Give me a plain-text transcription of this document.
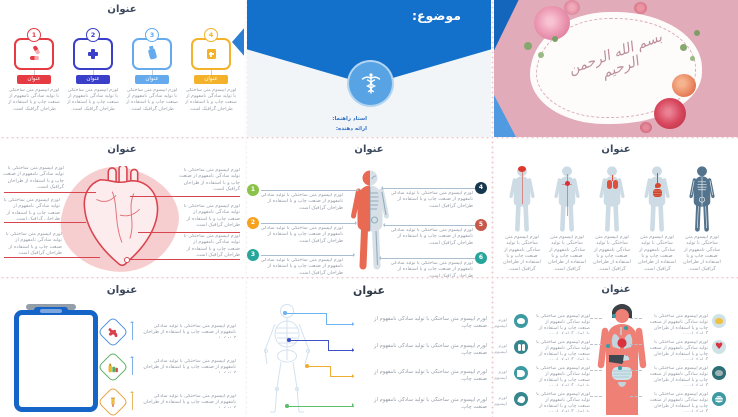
عنوان
1
عنوان
لورم ایپسوم متن ساختگی با تولید سادگی نامفهوم از صنعت چاپ و با استفاده از طراحان گرافیک است.
2
عنوان
لورم ایپسوم متن ساختگی با تولید سادگی نامفهوم از صنعت چاپ و با استفاده از طراحان گرافیک است.
3
عنوان
لورم ایپسوم متن ساختگی با تولید سادگی نامفهوم از صنعت چاپ و با استفاده از طراحان گرافیک است.
4
عنوان
لورم ایپسوم متن ساختگی با تولید سادگی نامفهوم از صنعت چاپ و با استفاده از طراحان گرافیک است.
موضوع:
استاد راهنما:
ارائه دهنده:
بسم الله الرحمن الرحیم
عنوان
لورم ایپسوم متن ساختگی با تولید سادگی نامفهوم از صنعت چاپ و با استفاده از طراحان گرافیک است.
لورم ایپسوم متن ساختگی با تولید سادگی نامفهوم از صنعت چاپ و با استفاده از طراحان گرافیک است.
لورم ایپسوم متن ساختگی با تولید سادگی نامفهوم از صنعت چاپ و با استفاده از طراحان گرافیک است.
لورم ایپسوم متن ساختگی با تولید سادگی نامفهوم از صنعت چاپ و با استفاده از طراحان گرافیک است.
لورم ایپسوم متن ساختگی با تولید سادگی نامفهوم از صنعت چاپ و با استفاده از طراحان گرافیک است.
لورم ایپسوم متن ساختگی با تولید سادگی نامفهوم از صنعت چاپ و با استفاده از طراحان گرافیک است.
عنوان
1
2
3
4
5
6
لورم ایپسوم متن ساختگی با تولید سادگی نامفهوم از صنعت چاپ و با استفاده از طراحان گرافیک است.
لورم ایپسوم متن ساختگی با تولید سادگی نامفهوم از صنعت چاپ و با استفاده از طراحان گرافیک است.
لورم ایپسوم متن ساختگی با تولید سادگی نامفهوم از صنعت چاپ و با استفاده از طراحان گرافیک است.
لورم ایپسوم متن ساختگی با تولید سادگی نامفهوم از صنعت چاپ و با استفاده از طراحان گرافیک است.
لورم ایپسوم متن ساختگی با تولید سادگی نامفهوم از صنعت چاپ و با استفاده از طراحان گرافیک است.
لورم ایپسوم متن ساختگی با تولید سادگی نامفهوم از صنعت چاپ و با استفاده از طراحان گرافیک است.
عنوان
لورم ایپسوم متن ساختگی با تولید سادگی نامفهوم از صنعت چاپ و با استفاده از طراحان گرافیک است.
لورم ایپسوم متن ساختگی با تولید سادگی نامفهوم از صنعت چاپ و با استفاده از طراحان گرافیک است.
لورم ایپسوم متن ساختگی با تولید سادگی نامفهوم از صنعت چاپ و با استفاده از طراحان گرافیک است.
لورم ایپسوم متن ساختگی با تولید سادگی نامفهوم از صنعت چاپ و با استفاده از طراحان گرافیک است.
لورم ایپسوم متن ساختگی با تولید سادگی نامفهوم از صنعت چاپ و با استفاده از طراحان گرافیک است.
عنوان
لورم ایپسوم متن ساختگی با تولید سادگی نامفهوم از صنعت چاپ و با استفاده از طراحان
لورم ایپسوم متن ساختگی با تولید سادگی نامفهوم از صنعت چاپ و با استفاده از طراحان
لورم ایپسوم متن ساختگی با تولید سادگی نامفهوم از صنعت چاپ و با استفاده از طراحان
عنوان
لورم ایپسوم متن ساختگی با تولید سادگی نامفهوم از صنعت چاپ.
لورم ایپسوم متن ساختگی با تولید سادگی نامفهوم از صنعت چاپ.
لورم ایپسوم متن ساختگی با تولید سادگی نامفهوم از صنعت چاپ.
لورم ایپسوم متن ساختگی با تولید سادگی نامفهوم از صنعت چاپ.
عنوان
لورم ایپسوم
لورم ایپسوم
لورم ایپسوم
لورم ایپسوم
لورم ایپسوم متن ساختگی با تولید سادگی نامفهوم از صنعت چاپ و با استفاده از
لورم ایپسوم متن ساختگی با تولید سادگی نامفهوم از صنعت چاپ و با استفاده از
لورم ایپسوم متن ساختگی با تولید سادگی نامفهوم از صنعت چاپ و با استفاده از
لورم ایپسوم متن ساختگی با تولید سادگی نامفهوم از صنعت چاپ و با استفاده از
لورم ایپسوم متن ساختگی با تولید سادگی نامفهوم از صنعت چاپ و با استفاده از طراحان
لورم ایپسوم متن ساختگی با تولید سادگی نامفهوم از صنعت چاپ و با استفاده از طراحان
لورم ایپسوم متن ساختگی با تولید سادگی نامفهوم از صنعت چاپ و با استفاده از طراحان
لورم ایپسوم متن ساختگی با تولید سادگی نامفهوم از صنعت چاپ و با استفاده از طراحان
♥
